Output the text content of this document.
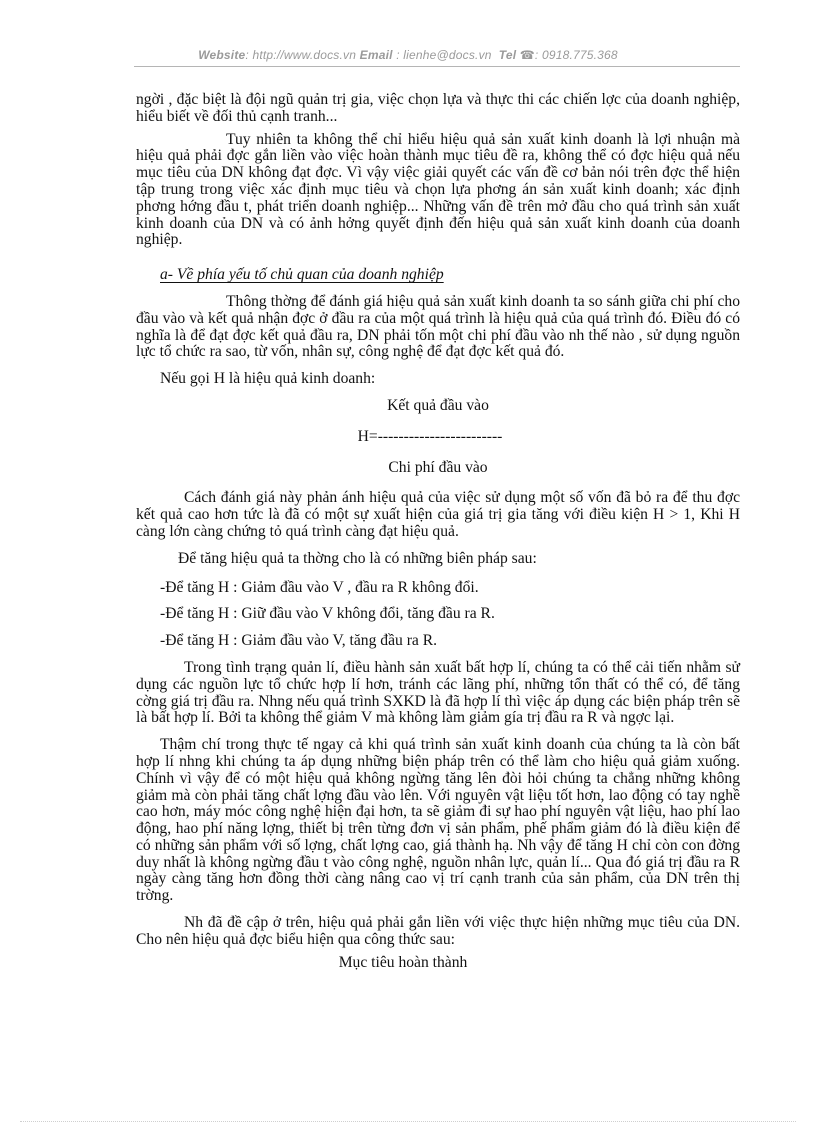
Website: http://www.docs.vn Email : lienhe@docs.vn Tel ☎: 0918.775.368

ngời , đặc biệt là đội ngũ quản trị gia, việc chọn lựa và thực thi các chiến lợc của doanh nghiệp, hiểu biết về đối thủ cạnh tranh...

Tuy nhiên ta không thể chỉ hiểu hiệu quả sản xuất kinh doanh là lợi nhuận mà hiệu quả phải đợc gắn liền vào việc hoàn thành mục tiêu đề ra, không thể có đợc hiệu quả nếu mục tiêu của DN không đạt đợc. Vì vậy việc giải quyết các vấn đề cơ bản nói trên đợc thể hiện tập trung trong việc xác định mục tiêu và chọn lựa phơng án sản xuất kinh doanh; xác định phơng hớng đầu t, phát triển doanh nghiệp... Những vấn đề trên mở đầu cho quá trình sản xuất kinh doanh của DN và có ảnh hởng quyết định đến hiệu quả sản xuất kinh doanh của doanh nghiệp.

a- Về phía yếu tố chủ quan của doanh nghiệp

Thông thờng để đánh giá hiệu quả sản xuất kinh doanh ta so sánh giữa chi phí cho đầu vào và kết quả nhận đợc ở đầu ra của một quá trình là hiệu quả của quá trình đó. Điều đó có nghĩa là để đạt đợc kết quả đầu ra, DN phải tốn một chi phí đầu vào nh thế nào , sử dụng nguồn lực tổ chức ra sao, từ vốn, nhân sự, công nghệ để đạt đợc kết quả đó.

Nếu gọi H là hiệu quả kinh doanh:

Kết quả đầu vào
H=------------------------
Chi phí đầu vào

Cách đánh giá này phản ánh hiệu quả của việc sử dụng một số vốn đã bỏ ra để thu đợc kết quả cao hơn tức là đã có một sự xuất hiện của giá trị gia tăng với điều kiện H > 1, Khi H càng lớn càng chứng tỏ quá trình càng đạt hiệu quả.

Để tăng hiệu quả ta thờng cho là có những biên pháp sau:

-Để tăng H : Giảm đầu vào V , đầu ra R không đổi.
-Để tăng H : Giữ đầu vào V không đổi, tăng đầu ra R.
-Để tăng H : Giảm đầu vào V, tăng đầu ra R.

Trong tình trạng quản lí, điều hành sản xuất bất hợp lí, chúng ta có thể cải tiến nhằm sử dụng các nguồn lực tổ chức hợp lí hơn, tránh các lãng phí, những tổn thất có thể có, để tăng cờng giá trị đầu ra. Nhng nếu quá trình SXKD là đã hợp lí thì việc áp dụng các biện pháp trên sẽ là bất hợp lí. Bởi ta không thể giảm V mà không làm giảm gía trị đầu ra R và ngợc lại.

Thậm chí trong thực tế ngay cả khi quá trình sản xuất kinh doanh của chúng ta là còn bất hợp lí nhng khi chúng ta áp dụng những biện pháp trên có thể làm cho hiệu quả giảm xuống. Chính vì vậy để có một hiệu quả không ngừng tăng lên đòi hỏi chúng ta chẳng những không giảm mà còn phải tăng chất lợng đầu vào lên. Với nguyên vật liệu tốt hơn, lao động có tay nghề cao hơn, máy móc công nghệ hiện đại hơn, ta sẽ giảm đi sự hao phí nguyên vật liệu, hao phí lao động, hao phí năng lợng, thiết bị trên từng đơn vị sản phẩm, phế phẩm giảm đó là điều kiện để có những sản phẩm với số lợng, chất lợng cao, giá thành hạ. Nh vậy để tăng H chỉ còn con đờng duy nhất là không ngừng đầu t vào công nghệ, nguồn nhân lực, quản lí... Qua đó giá trị đầu ra R ngày càng tăng hơn đồng thời càng nâng cao vị trí cạnh tranh của sản phẩm, của DN trên thị trờng.

Nh đã đề cập ở trên, hiệu quả phải gắn liền với việc thực hiện những mục tiêu của DN. Cho nên hiệu quả đợc biểu hiện qua công thức sau:

Mục tiêu hoàn thành
